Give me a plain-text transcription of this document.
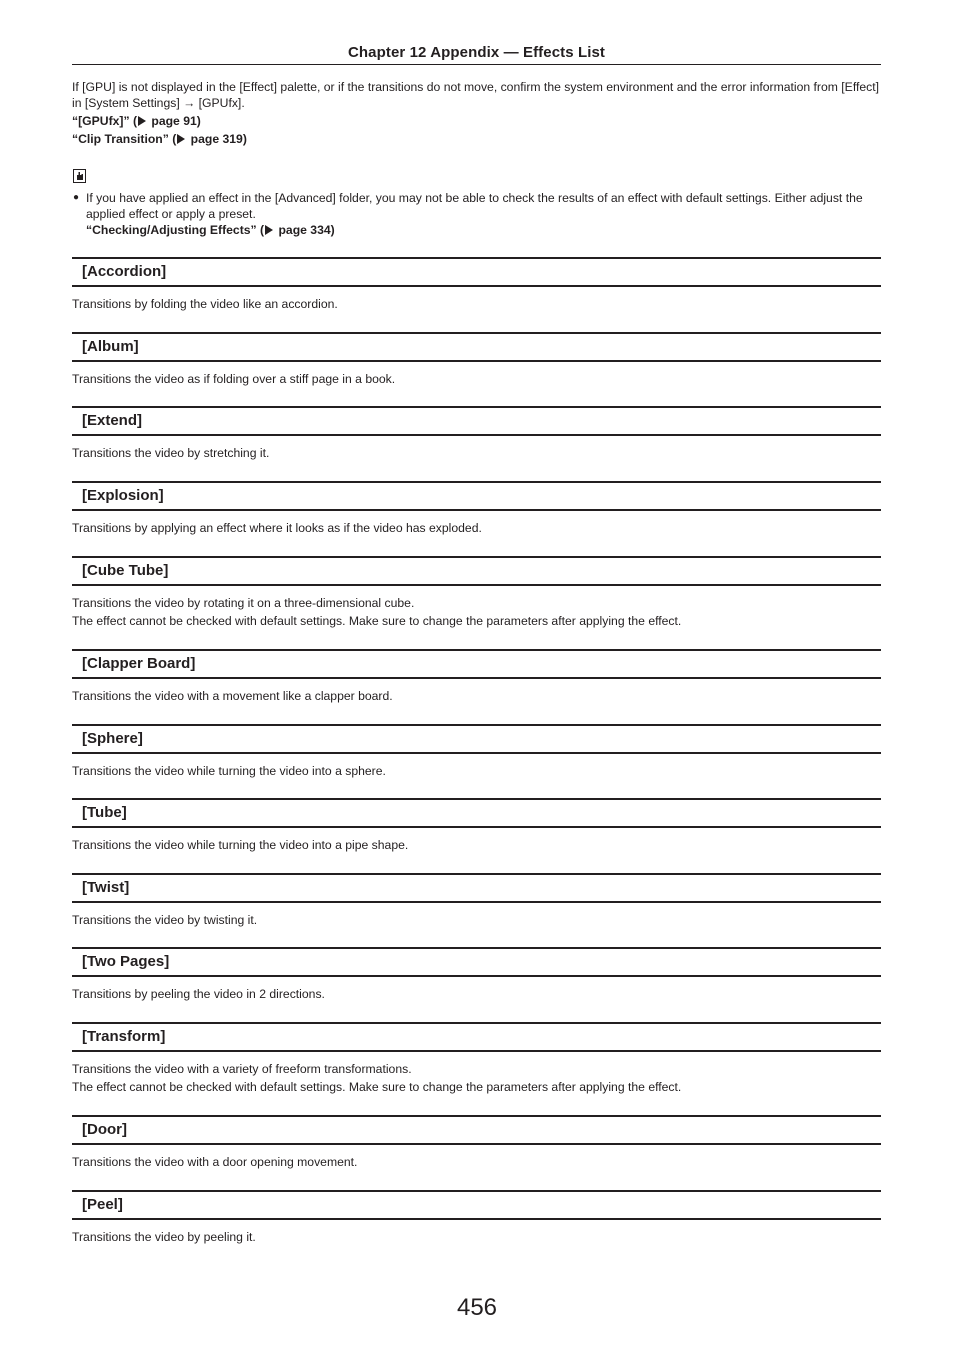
Chapter 12 Appendix — Effects List
If [GPU] is not displayed in the [Effect] palette, or if the transitions do not move, confirm the system environment and the error information from [Effect] in [System Settings] → [GPUfx].
“[GPUfx]” ( page 91)
“Clip Transition” ( page 319)
● If you have applied an effect in the [Advanced] folder, you may not be able to check the results of an effect with default settings. Either adjust the applied effect or apply a preset.
“Checking/Adjusting Effects” ( page 334)
[Accordion]
Transitions by folding the video like an accordion.
[Album]
Transitions the video as if folding over a stiff page in a book.
[Extend]
Transitions the video by stretching it.
[Explosion]
Transitions by applying an effect where it looks as if the video has exploded.
[Cube Tube]
Transitions the video by rotating it on a three-dimensional cube.
The effect cannot be checked with default settings. Make sure to change the parameters after applying the effect.
[Clapper Board]
Transitions the video with a movement like a clapper board.
[Sphere]
Transitions the video while turning the video into a sphere.
[Tube]
Transitions the video while turning the video into a pipe shape.
[Twist]
Transitions the video by twisting it.
[Two Pages]
Transitions by peeling the video in 2 directions.
[Transform]
Transitions the video with a variety of freeform transformations.
The effect cannot be checked with default settings. Make sure to change the parameters after applying the effect.
[Door]
Transitions the video with a door opening movement.
[Peel]
Transitions the video by peeling it.
456
